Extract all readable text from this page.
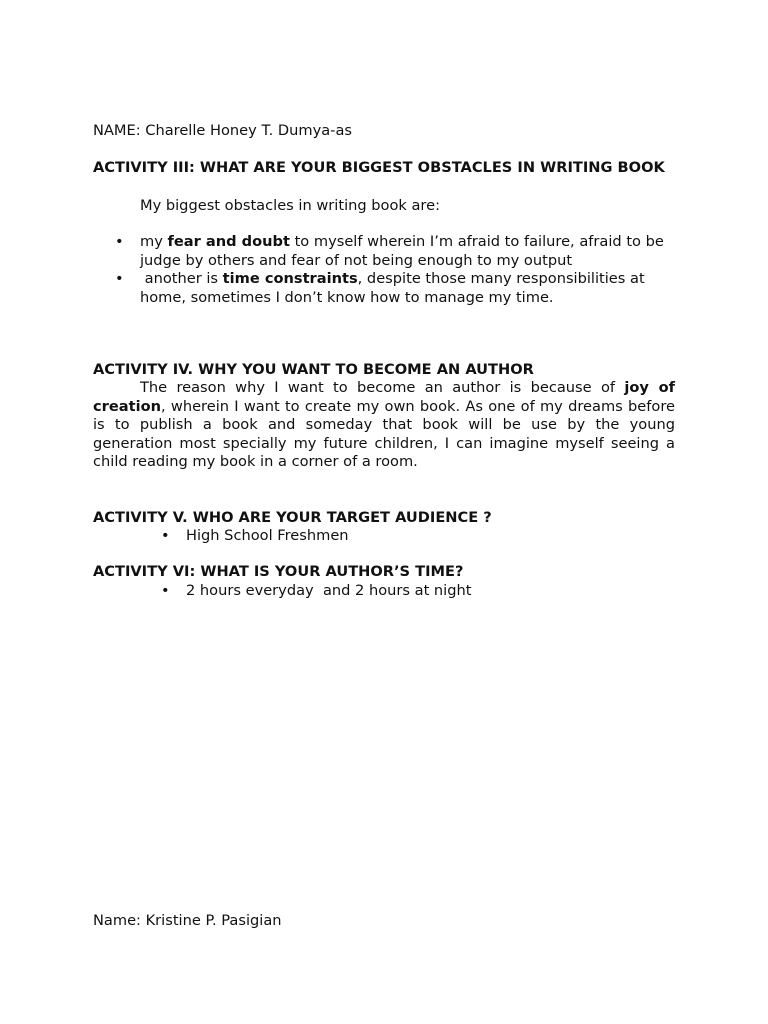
NAME: Charelle Honey T. Dumya-as
ACTIVITY III: WHAT ARE YOUR BIGGEST OBSTACLES IN WRITING BOOK
My biggest obstacles in writing book are:
• my fear and doubt to myself wherein I’m afraid to failure, afraid to be judge by others and fear of not being enough to my output
• another is time constraints, despite those many responsibilities at home, sometimes I don’t know how to manage my time.
ACTIVITY IV. WHY YOU WANT TO BECOME AN AUTHOR
The reason why I want to become an author is because of joy of creation, wherein I want to create my own book. As one of my dreams before is to publish a book and someday that book will be use by the young generation most specially my future children, I can imagine myself seeing a child reading my book in a corner of a room.
ACTIVITY V. WHO ARE YOUR TARGET AUDIENCE ?
• High School Freshmen
ACTIVITY VI: WHAT IS YOUR AUTHOR’S TIME?
• 2 hours everyday  and 2 hours at night
Name: Kristine P. Pasigian
